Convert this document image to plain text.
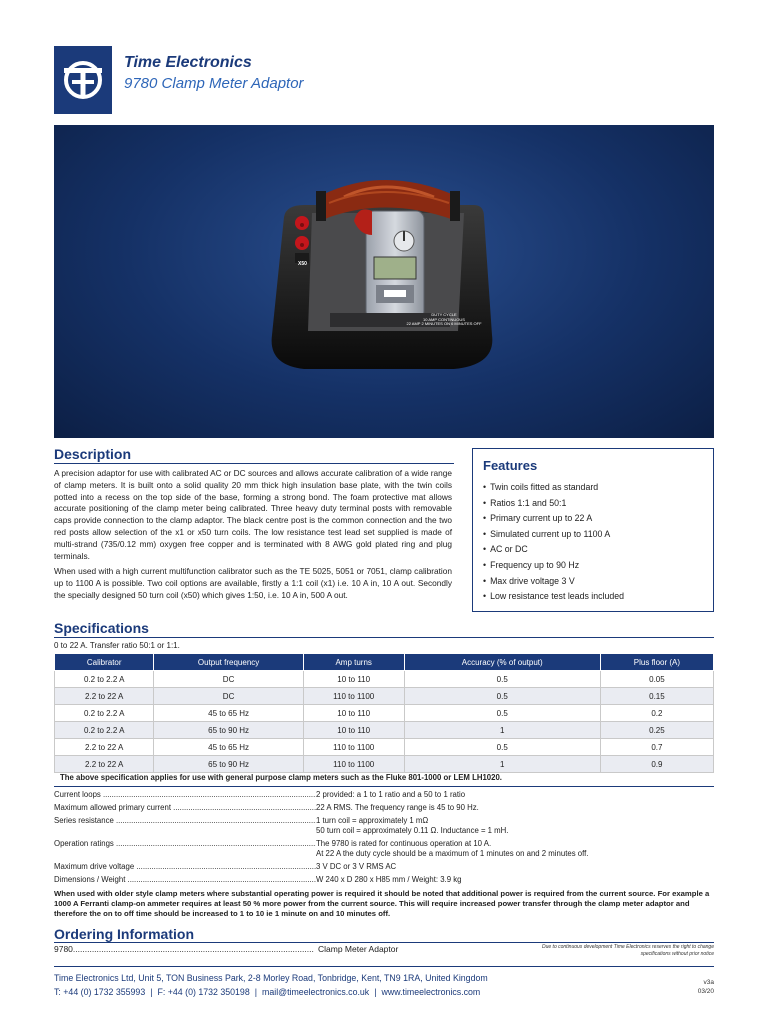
Time Electronics
9780 Clamp Meter Adaptor
X50
DUTY CYCLE
10 AMP CONTINUOUS
22 AMP 2 MINUTES ON 6 MINUTES OFF
Description

A precision adaptor for use with calibrated AC or DC sources and allows accurate calibration of a wide range of clamp meters. It is built onto a solid quality 20 mm thick high insulation base plate, with the twin coils potted into a recess on the top side of the base, forming a strong bond. The foam protective mat allows accurate positioning of the clamp meter being calibrated. Three heavy duty terminal posts with removable caps provide connection to the clamp adaptor. The black centre post is the common connection and the two red posts allow selection of the x1 or x50 turn coils. The low resistance test lead set supplied is made of multi-strand (735/0.12 mm) oxygen free copper and is terminated with 8 AWG gold plated ring and plug terminals.

When used with a high current multifunction calibrator such as the TE 5025, 5051 or 7051, clamp calibration up to 1100 A is possible. Two coil options are available, firstly a 1:1 coil (x1) i.e. 10 A in, 10 A out. Secondly the specially designed 50 turn coil (x50) which gives 1:50, i.e. 10 A in, 500 A out.

Features
• Twin coils fitted as standard
• Ratios 1:1 and 50:1
• Primary current up to 22 A
• Simulated current up to 1100 A
• AC or DC
• Frequency up to 90 Hz
• Max drive voltage 3 V
• Low resistance test leads included
Specifications
0 to 22 A. Transfer ratio 50:1 or 1:1.
Calibrator	Output frequency	Amp turns	Accuracy (% of output)	Plus floor (A)
0.2 to 2.2 A	DC	10 to 110	0.5	0.05
2.2 to 22 A	DC	110 to 1100	0.5	0.15
0.2 to 2.2 A	45 to 65 Hz	10 to 110	0.5	0.2
0.2 to 2.2 A	65 to 90 Hz	10 to 110	1	0.25
2.2 to 22 A	45 to 65 Hz	110 to 1100	0.5	0.7
2.2 to 22 A	65 to 90 Hz	110 to 1100	1	0.9
The above specification applies for use with general purpose clamp meters such as the Fluke 801-1000 or LEM LH1020.
Current loops .....	2 provided: a 1 to 1 ratio and a 50 to 1 ratio
Maximum allowed primary current .....	22 A RMS. The frequency range is 45 to 90 Hz.
Series resistance .....	1 turn coil = approximately 1 mΩ
50 turn coil = approximately 0.11 Ω. Inductance = 1 mH.
Operation ratings .....	The 9780 is rated for continuous operation at 10 A.
At 22 A the duty cycle should be a maximum of 1 minutes on and 2 minutes off.
Maximum drive voltage .....	3 V DC or 3 V RMS AC
Dimensions / Weight .....	W 240 x D 280 x H85 mm / Weight: 3.9 kg
When used with older style clamp meters where substantial operating power is required it should be noted that additional power is required from the current source. For example a 1000 A Ferranti clamp-on ammeter requires at least 50 % more power from the current source. This will require increased power transfer through the clamp meter adaptor and therefore the on to off time should be increased to 1 to 10 ie 1 minute on and 10 minutes off.
Ordering Information
9780 .....	Clamp Meter Adaptor	Due to continuous development Time Electronics reserves the right to change specifications without prior notice
Time Electronics Ltd, Unit 5, TON Business Park, 2-8 Morley Road, Tonbridge, Kent, TN9 1RA, United Kingdom
T: +44 (0) 1732 355993 | F: +44 (0) 1732 350198 | mail@timeelectronics.co.uk | www.timeelectronics.com
v3a
03/20
